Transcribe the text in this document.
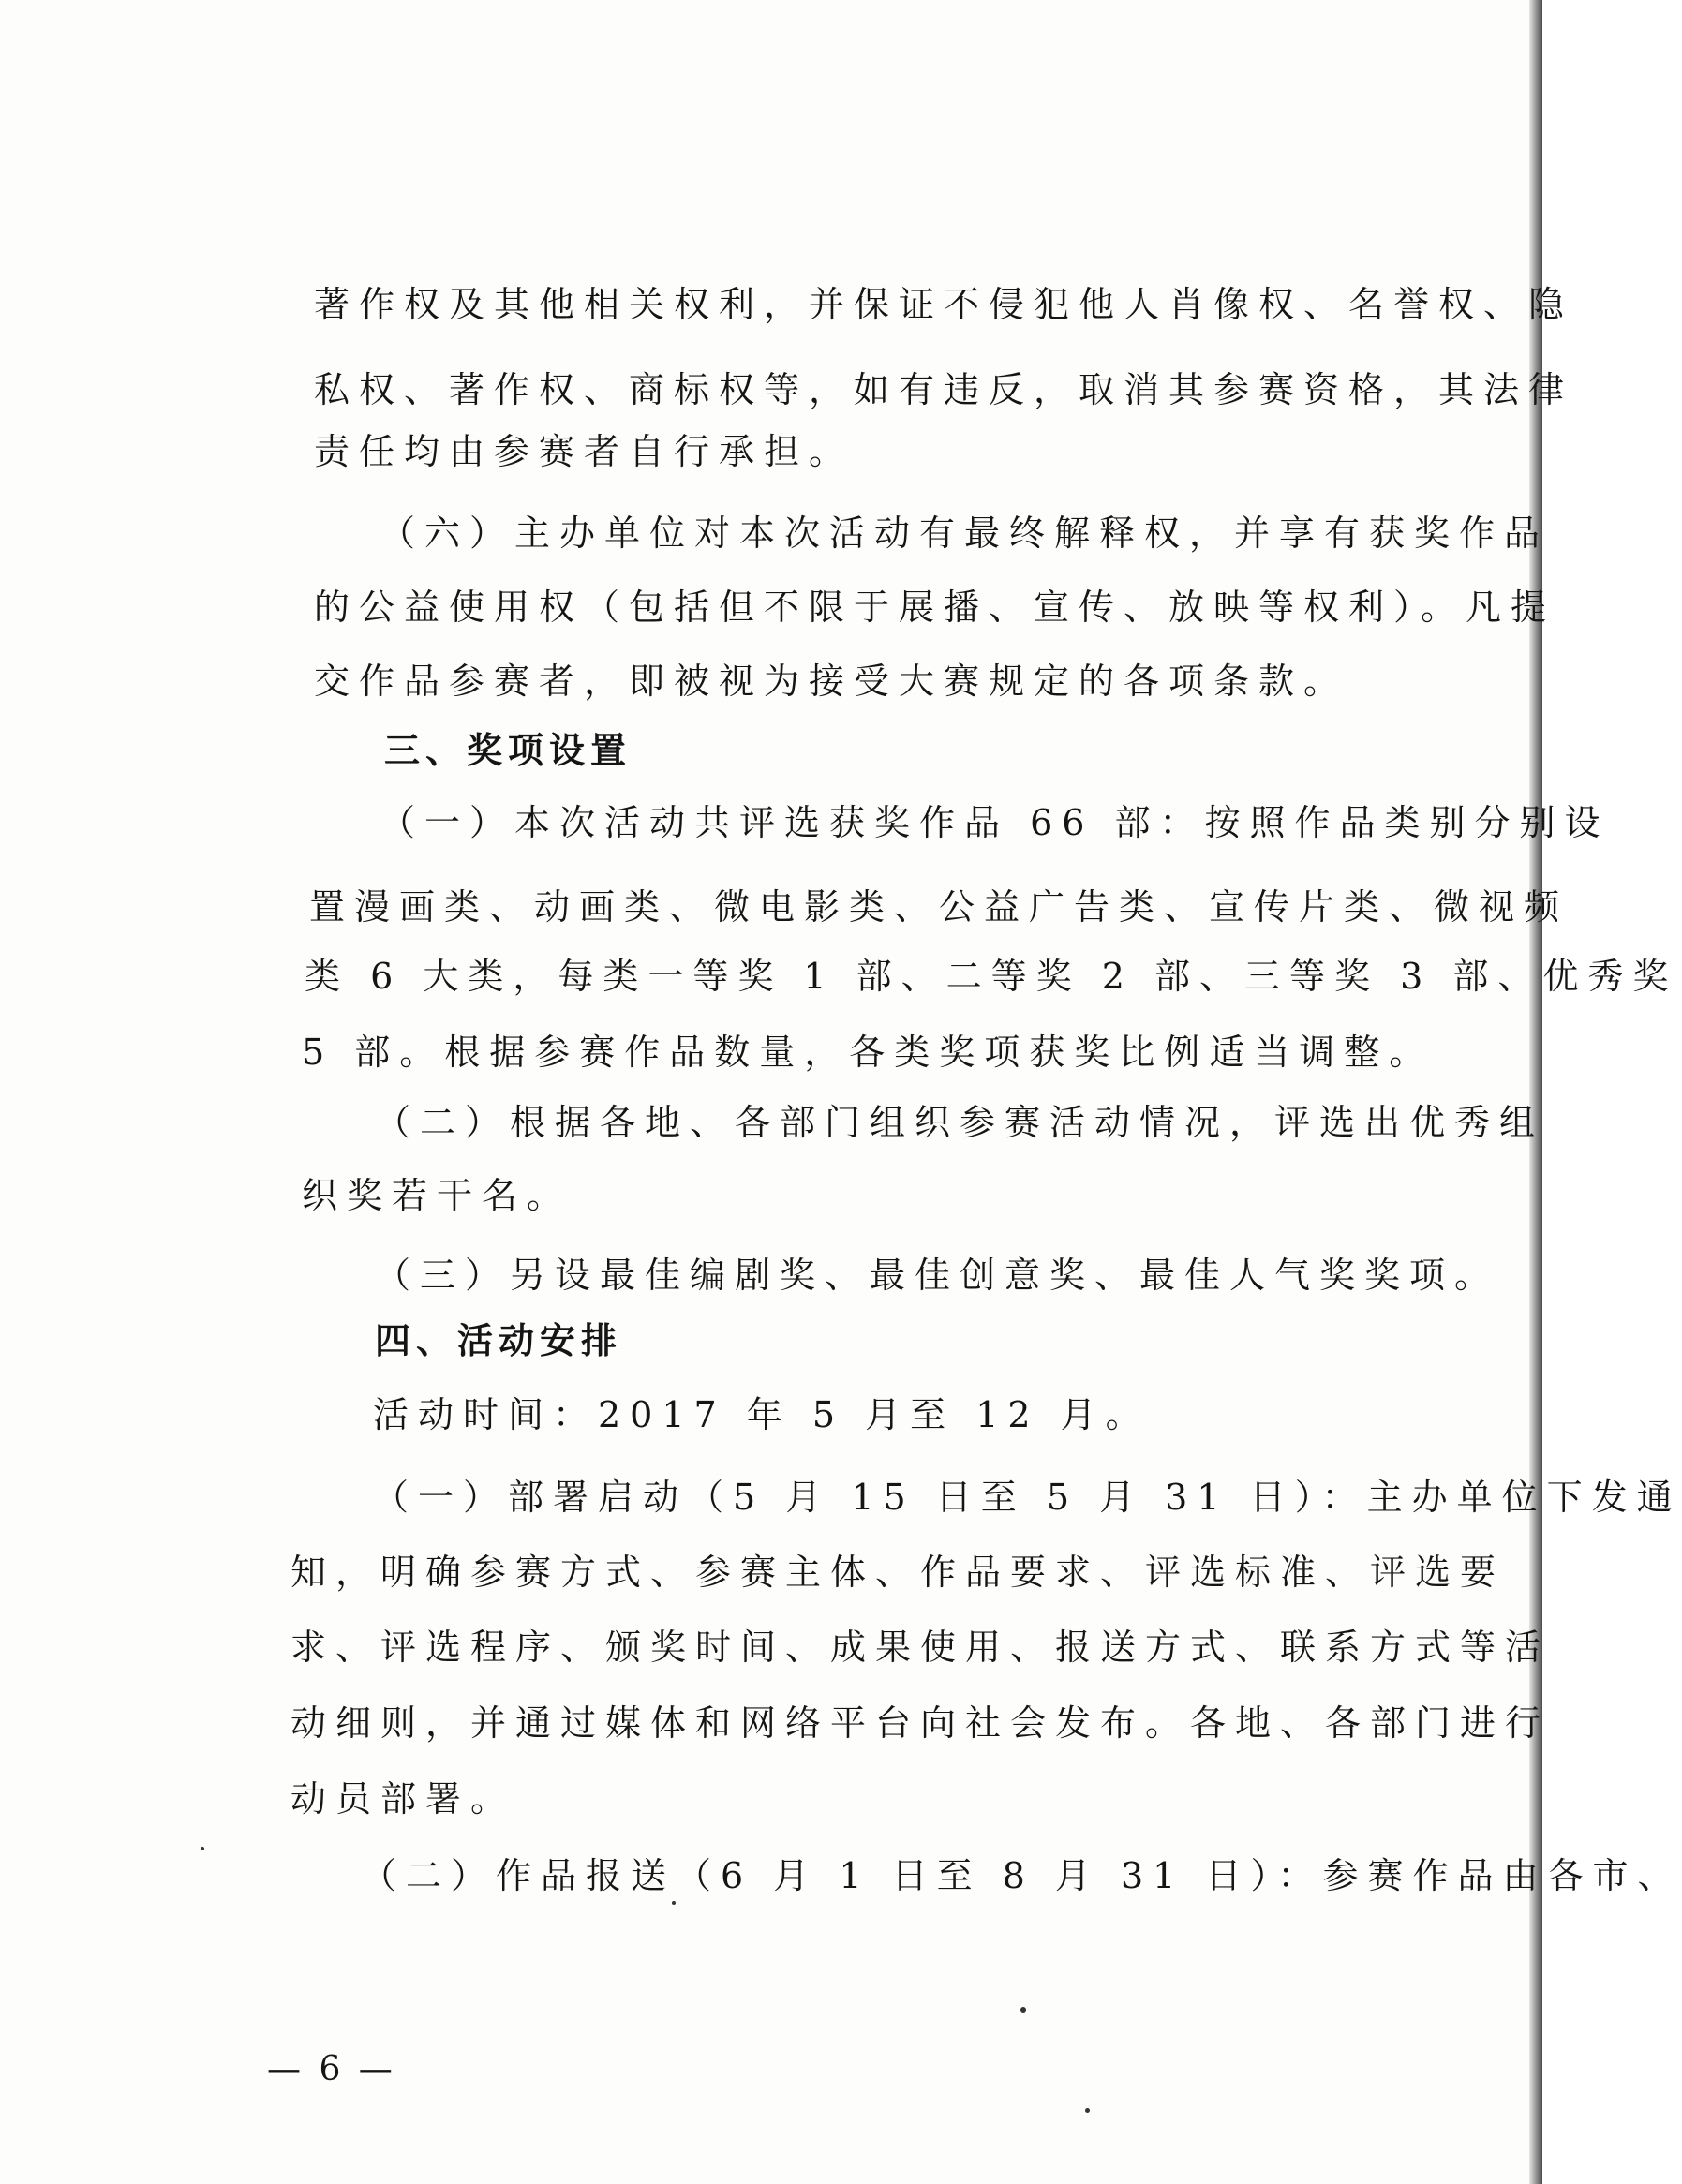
著作权及其他相关权利，并保证不侵犯他人肖像权、名誉权、隐
私权、著作权、商标权等，如有违反，取消其参赛资格，其法律
责任均由参赛者自行承担。
（六）主办单位对本次活动有最终解释权，并享有获奖作品
的公益使用权（包括但不限于展播、宣传、放映等权利）。凡提
交作品参赛者，即被视为接受大赛规定的各项条款。
三、奖项设置
（一）本次活动共评选获奖作品 66 部：按照作品类别分别设
置漫画类、动画类、微电影类、公益广告类、宣传片类、微视频
类 6 大类，每类一等奖 1 部、二等奖 2 部、三等奖 3 部、优秀奖
5 部。根据参赛作品数量，各类奖项获奖比例适当调整。
（二）根据各地、各部门组织参赛活动情况，评选出优秀组
织奖若干名。
（三）另设最佳编剧奖、最佳创意奖、最佳人气奖奖项。
四、活动安排
活动时间：2017 年 5 月至 12 月。
（一）部署启动（5 月 15 日至 5 月 31 日）：主办单位下发通
知，明确参赛方式、参赛主体、作品要求、评选标准、评选要
求、评选程序、颁奖时间、成果使用、报送方式、联系方式等活
动细则，并通过媒体和网络平台向社会发布。各地、各部门进行
动员部署。
（二）作品报送（6 月 1 日至 8 月 31 日）：参赛作品由各市、
— 6 —
